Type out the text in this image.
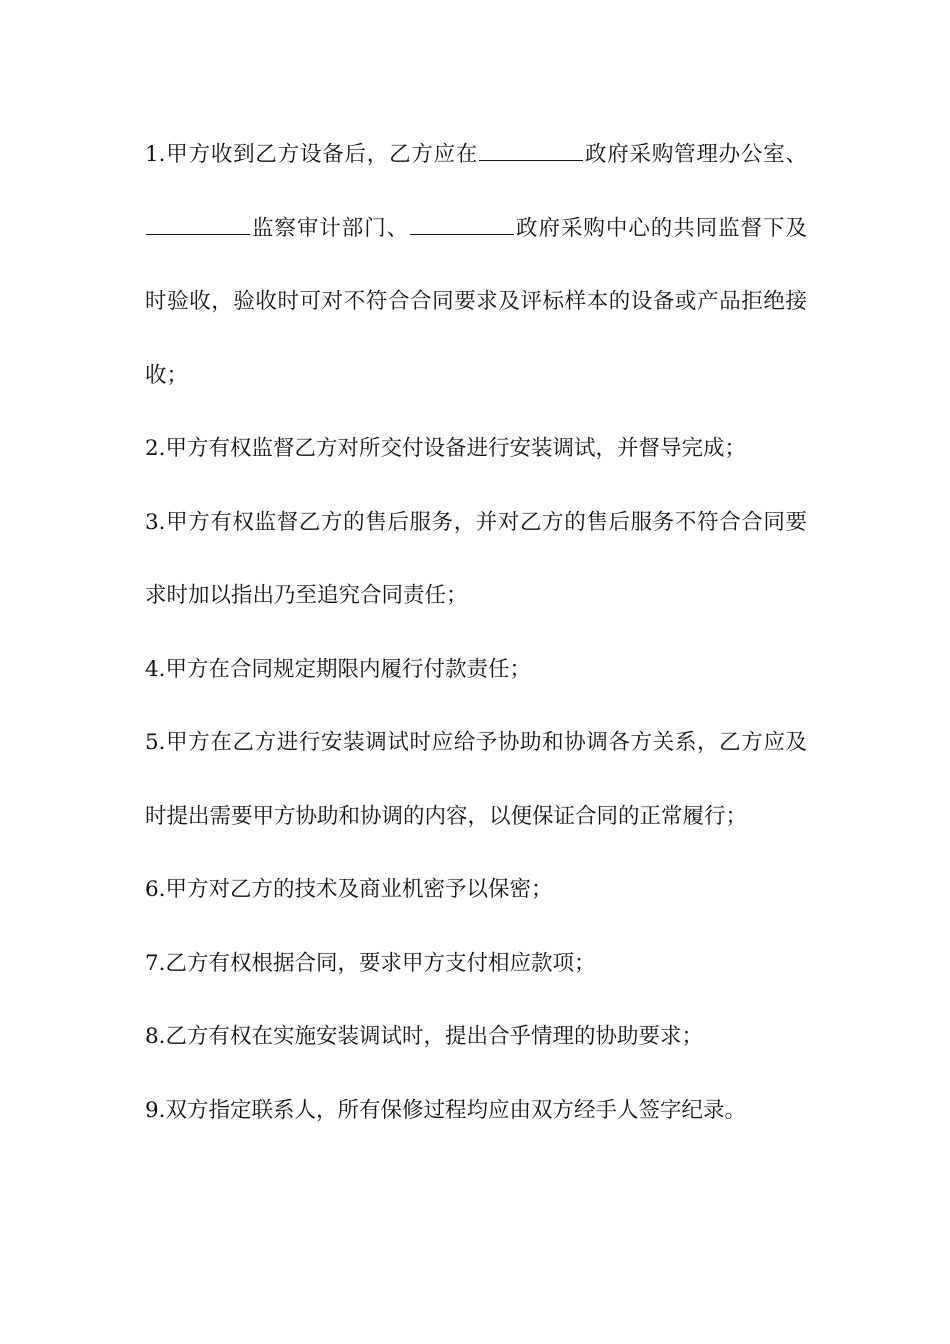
1.甲方收到乙方设备后，乙方应在	政府采购管理办公室、监察审计部门、	政府采购中心的共同监督下及时验收，验收时可对不符合合同要求及评标样本的设备或产品拒绝接收；

2.甲方有权监督乙方对所交付设备进行安装调试，并督导完成；

3.甲方有权监督乙方的售后服务，并对乙方的售后服务不符合合同要求时加以指出乃至追究合同责任；

4.甲方在合同规定期限内履行付款责任；

5.甲方在乙方进行安装调试时应给予协助和协调各方关系，乙方应及时提出需要甲方协助和协调的内容，以便保证合同的正常履行；

6.甲方对乙方的技术及商业机密予以保密；

7.乙方有权根据合同，要求甲方支付相应款项；

8.乙方有权在实施安装调试时，提出合乎情理的协助要求；

9.双方指定联系人，所有保修过程均应由双方经手人签字纪录。
